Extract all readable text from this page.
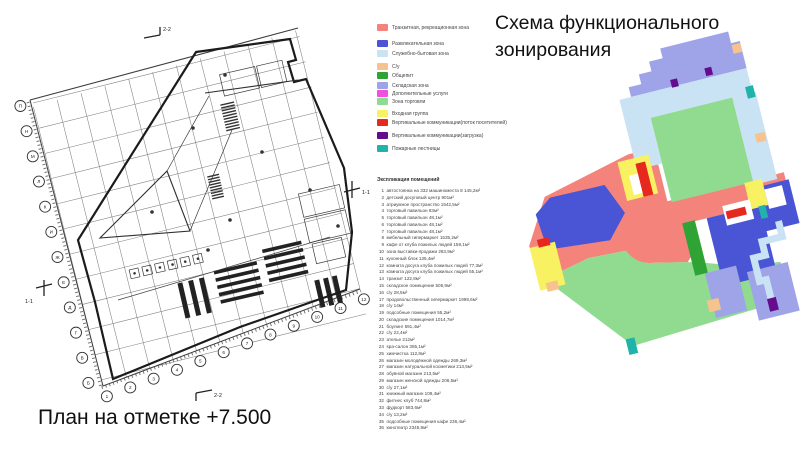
2-2
2-2
1-1
1-1
1
2
3
4
5
6
7
8
9
10
11
12
П
Н
М
Л
К
И
Ж
Е
Д
Г
В
Б
Схема функционального зонирования
Транзитная, рекреационная зона
Развлекательная зона
Служебно-бытовая зона
С/у
Общепит
Складская зона
Дополнительные услуги
Зона торговли
Входная группа
Вертикальные коммуникации(поток посетителей)
Вертикальные коммуникации(загрузка)
Пожарные лестницы
Экспликация помещений
1 автостоянка на 332 машиноместа 8 145,2м²
2 детский досуговый центр 901м²
3 атриумное пространство 1542,5м²
4 торговый павильон 83м²
5 торговый павильон 48,1м²
6 торговый павильон 48,1м²
7 торговый павильон 48,1м²
8 мебельный гипермаркет 1535,2м²
9 кафе от клуба пожилых людей 159,1м²
10 зона выставки-продажи 283,9м²
11 кухонный блок 135,4м²
12 комната досуга клуба пожилых людей 77,3м²
13 комната досуга клуба пожилых людей 55,1м²
14 транзит 122,8м²
15 складское помещение 505,9м²
16 с/у 28,5м²
17 продовольственный гипермаркет 1998,6м²
18 с/у 14м²
19 подсобные помещения 55,2м²
20 складские помещения 1014,7м²
21 боулинг 691,4м²
22 с/у 22,4м²
23 ателье 212м²
24 spa-салон 355,1м²
25 химчистка 112,8м²
26 магазин молодёжной одежды 269,3м²
27 магазин натуральной косметики 213,5м²
28 обувной магазин 213,5м²
29 магазин женской одежды 206,5м²
30 с/у 27,1м²
31 книжный магазин 109,4м²
32 фитнес клуб 744,8м²
33 фудкорт 583,6м²
34 с/у 13,2м²
35 подсобные помещения кафе 236,4м²
36 кинотеатр 2345,9м²
План на отметке +7.500
